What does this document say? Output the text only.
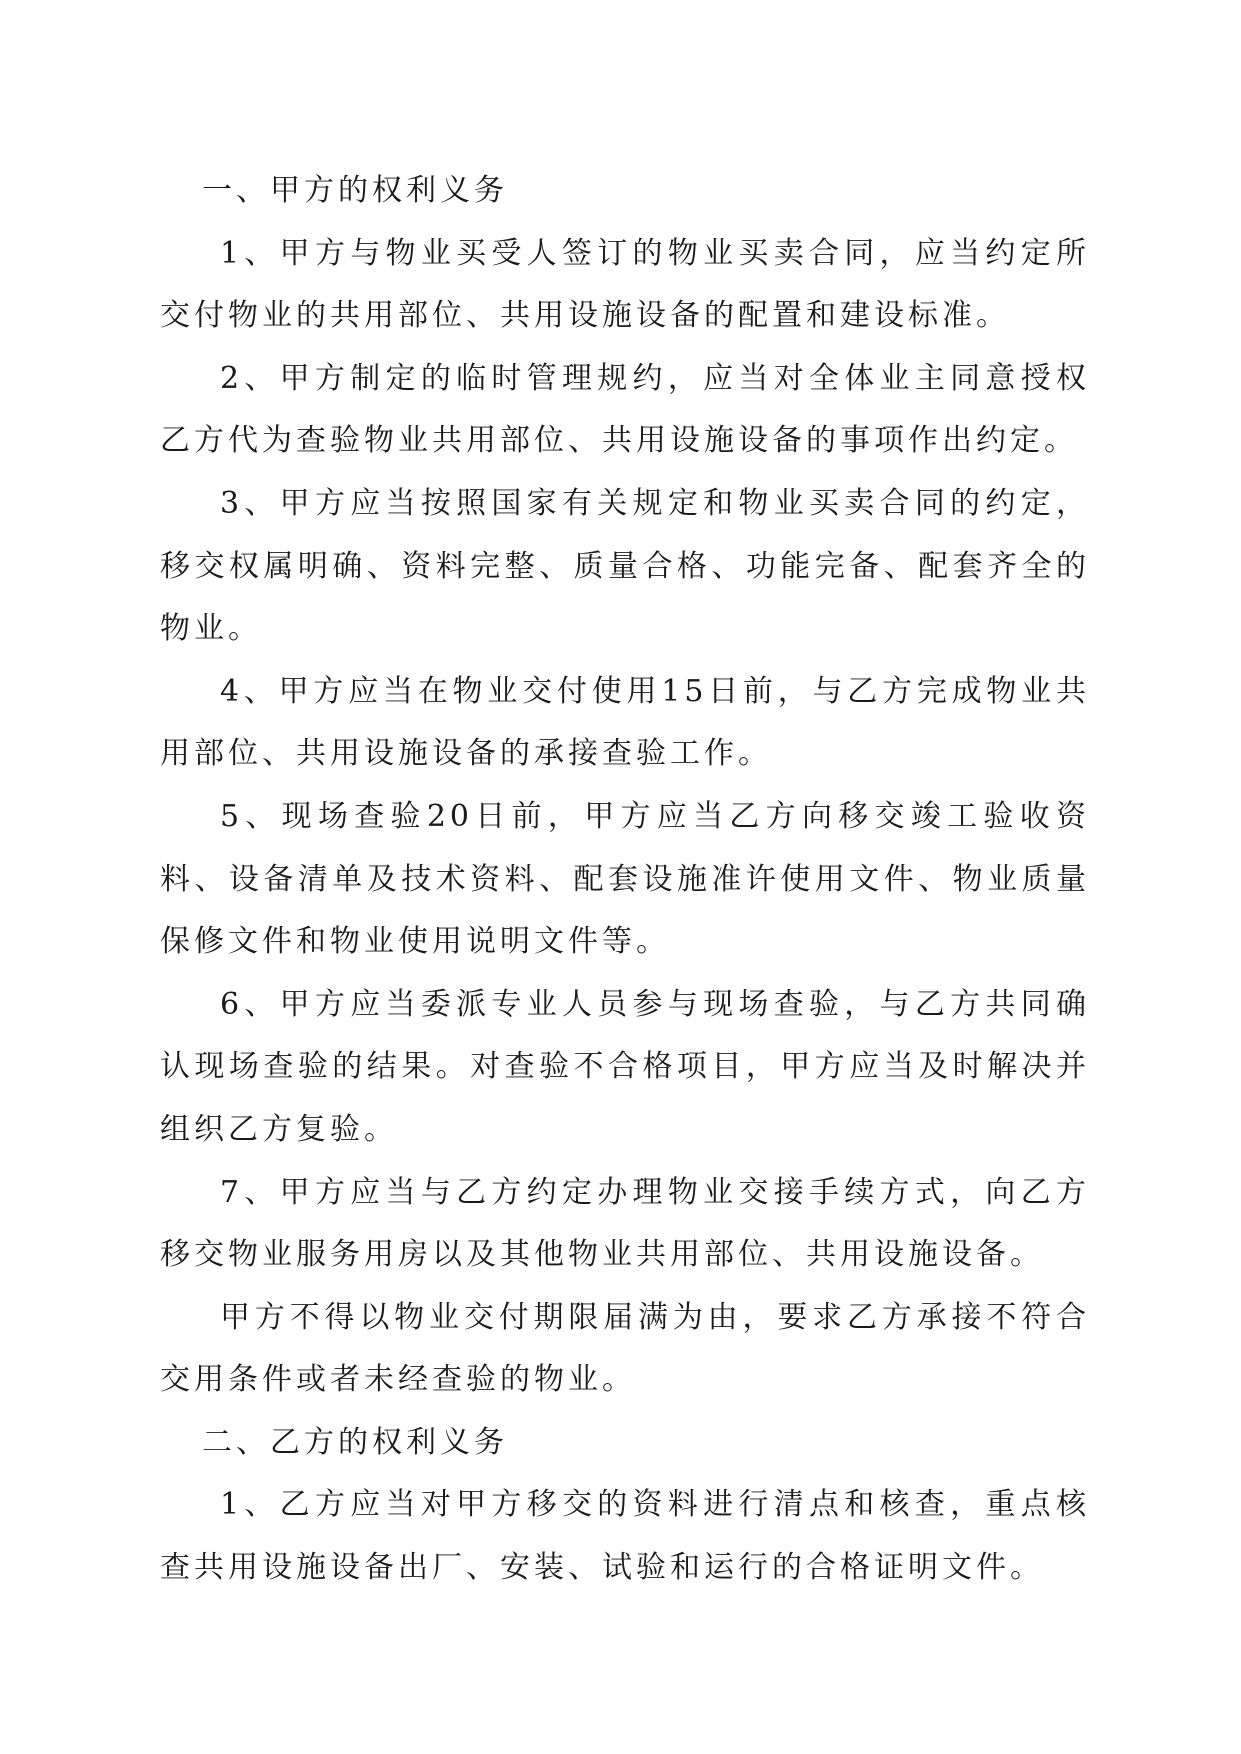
一、甲方的权利义务

1、甲方与物业买受人签订的物业买卖合同，应当约定所交付物业的共用部位、共用设施设备的配置和建设标准。

2、甲方制定的临时管理规约，应当对全体业主同意授权乙方代为查验物业共用部位、共用设施设备的事项作出约定。

3、甲方应当按照国家有关规定和物业买卖合同的约定，移交权属明确、资料完整、质量合格、功能完备、配套齐全的物业。

4、甲方应当在物业交付使用15日前，与乙方完成物业共用部位、共用设施设备的承接查验工作。

5、现场查验20日前，甲方应当乙方向移交竣工验收资料、设备清单及技术资料、配套设施准许使用文件、物业质量保修文件和物业使用说明文件等。

6、甲方应当委派专业人员参与现场查验，与乙方共同确认现场查验的结果。对查验不合格项目，甲方应当及时解决并组织乙方复验。

7、甲方应当与乙方约定办理物业交接手续方式，向乙方移交物业服务用房以及其他物业共用部位、共用设施设备。

甲方不得以物业交付期限届满为由，要求乙方承接不符合交用条件或者未经查验的物业。

二、乙方的权利义务

1、乙方应当对甲方移交的资料进行清点和核查，重点核查共用设施设备出厂、安装、试验和运行的合格证明文件。
